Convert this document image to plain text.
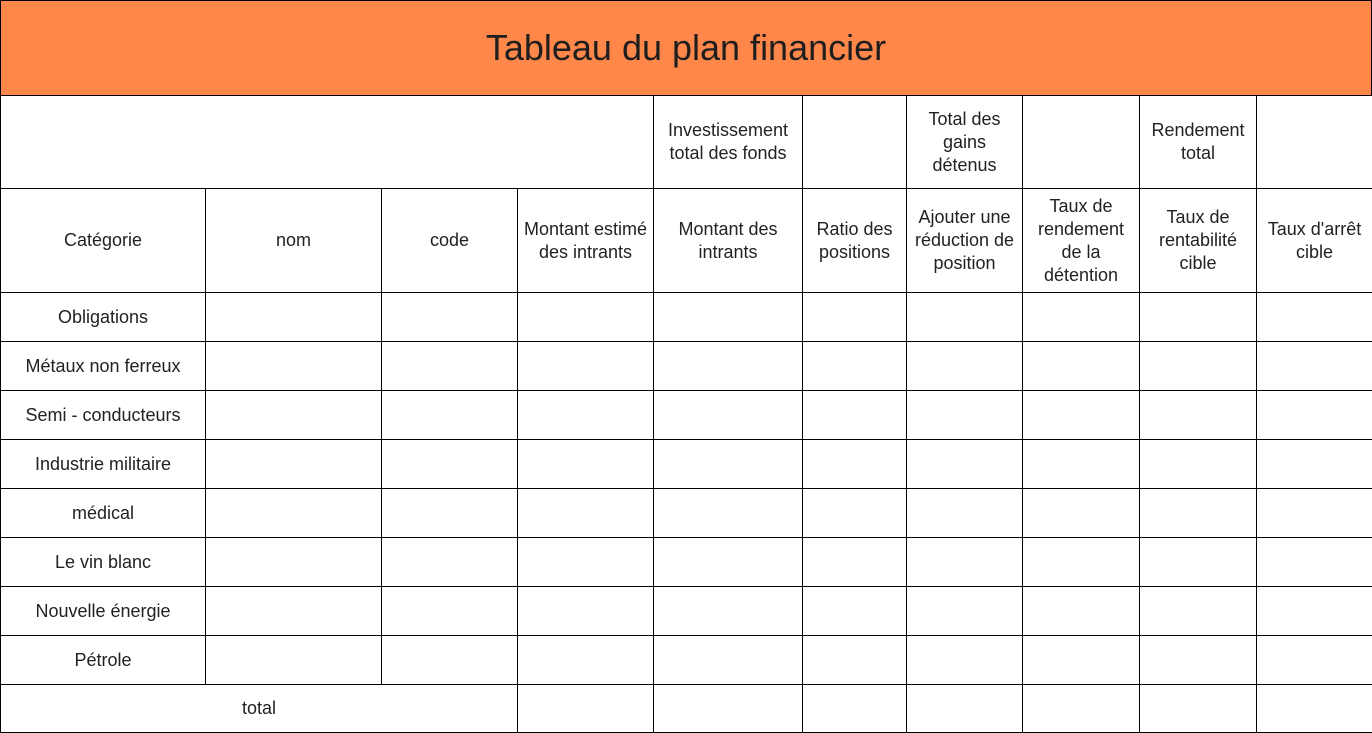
Tableau du plan financier
				Investissement total des fonds		Total des gains détenus		Rendement total	
Catégorie	nom	code	Montant estimé des intrants	Montant des intrants	Ratio des positions	Ajouter une réduction de position	Taux de rendement de la détention	Taux de rentabilité cible	Taux d'arrêt cible
Obligations									
Métaux non ferreux									
Semi - conducteurs									
Industrie militaire									
médical									
Le vin blanc									
Nouvelle énergie									
Pétrole									
total									
